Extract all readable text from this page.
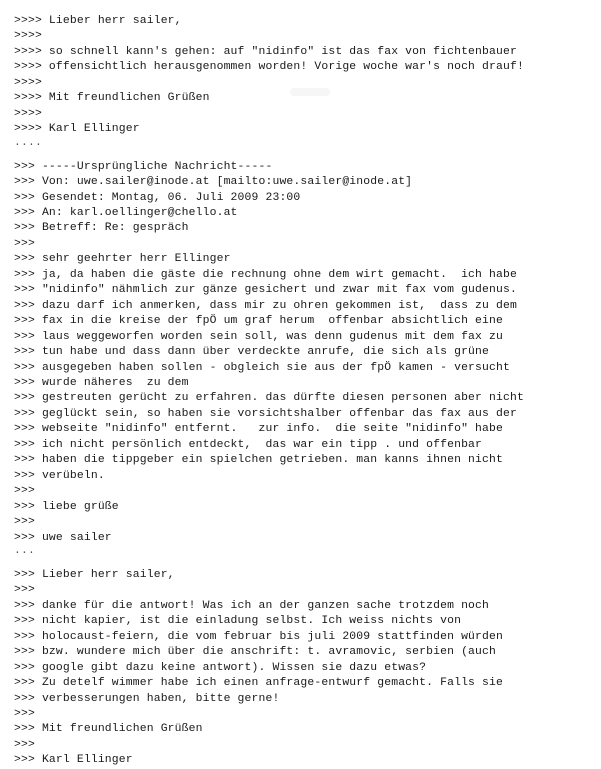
>>>> Lieber herr sailer,
>>>>
>>>> so schnell kann's gehen: auf "nidinfo" ist das fax von fichtenbauer
>>>> offensichtlich herausgenommen worden! Vorige woche war's noch drauf!
>>>>
>>>> Mit freundlichen Grüßen
>>>>
>>>> Karl Ellinger
....
>>> -----Ursprüngliche Nachricht-----
>>> Von: uwe.sailer@inode.at [mailto:uwe.sailer@inode.at]
>>> Gesendet: Montag, 06. Juli 2009 23:00
>>> An: karl.oellinger@chello.at
>>> Betreff: Re: gespräch
>>>
>>> sehr geehrter herr Ellinger
>>> ja, da haben die gäste die rechnung ohne dem wirt gemacht.  ich habe
>>> "nidinfo" nähmlich zur gänze gesichert und zwar mit fax vom gudenus.
>>> dazu darf ich anmerken, dass mir zu ohren gekommen ist,  dass zu dem
>>> fax in die kreise der fpÖ um graf herum  offenbar absichtlich eine
>>> laus weggeworfen worden sein soll, was denn gudenus mit dem fax zu
>>> tun habe und dass dann über verdeckte anrufe, die sich als grüne
>>> ausgegeben haben sollen - obgleich sie aus der fpÖ kamen - versucht
>>> wurde näheres  zu dem
>>> gestreuten gerücht zu erfahren. das dürfte diesen personen aber nicht
>>> geglückt sein, so haben sie vorsichtshalber offenbar das fax aus der
>>> webseite "nidinfo" entfernt.   zur info.  die seite "nidinfo" habe
>>> ich nicht persönlich entdeckt,  das war ein tipp . und offenbar
>>> haben die tippgeber ein spielchen getrieben. man kanns ihnen nicht
>>> verübeln.
>>>
>>> liebe grüße
>>>
>>> uwe sailer
...
>>> Lieber herr sailer,
>>>
>>> danke für die antwort! Was ich an der ganzen sache trotzdem noch
>>> nicht kapier, ist die einladung selbst. Ich weiss nichts von
>>> holocaust-feiern, die vom februar bis juli 2009 stattfinden würden
>>> bzw. wundere mich über die anschrift: t. avramovic, serbien (auch
>>> google gibt dazu keine antwort). Wissen sie dazu etwas?
>>> Zu detelf wimmer habe ich einen anfrage-entwurf gemacht. Falls sie
>>> verbesserungen haben, bitte gerne!
>>>
>>> Mit freundlichen Grüßen
>>>
>>> Karl Ellinger
